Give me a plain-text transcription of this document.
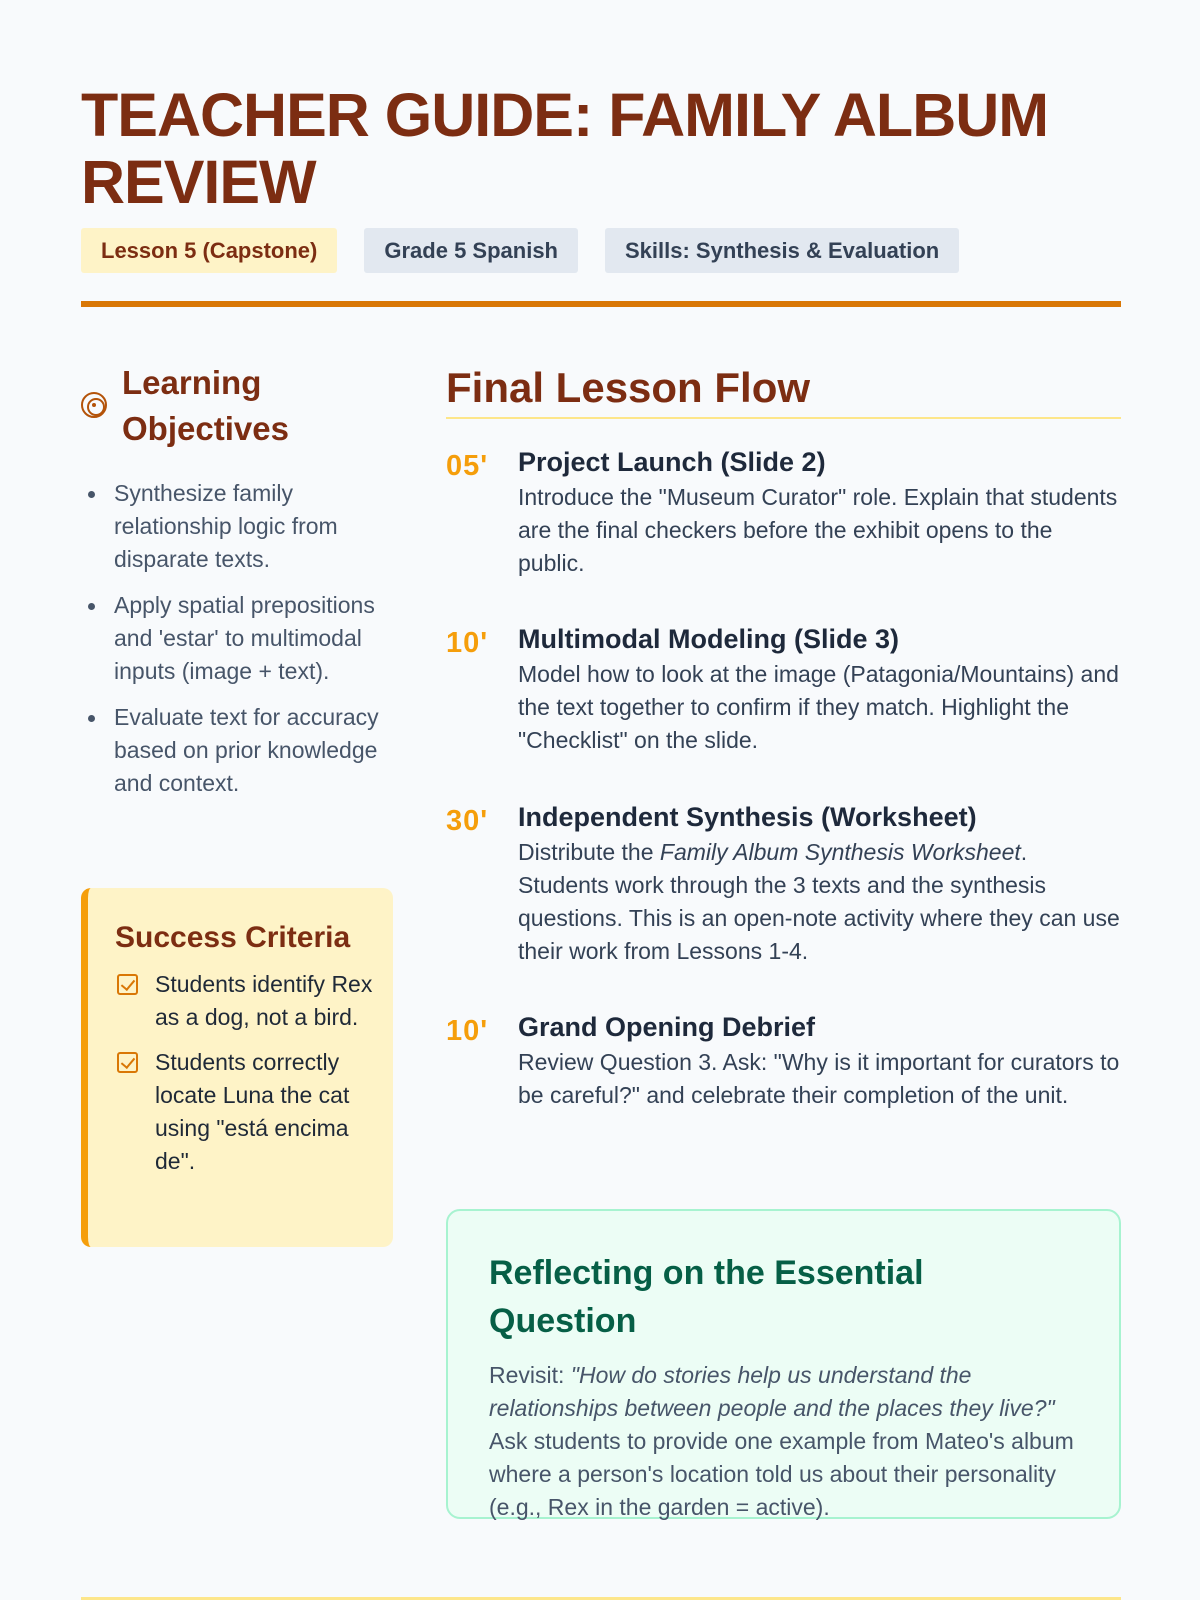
TEACHER GUIDE: FAMILY ALBUM REVIEW
Lesson 5 (Capstone)	Grade 5 Spanish	Skills: Synthesis & Evaluation
Learning Objectives
Synthesize family relationship logic from disparate texts.
Apply spatial prepositions and 'estar' to multimodal inputs (image + text).
Evaluate text for accuracy based on prior knowledge and context.
Success Criteria
Students identify Rex as a dog, not a bird.
Students correctly locate Luna the cat using "está encima de".
Final Lesson Flow
05' Project Launch (Slide 2)
Introduce the "Museum Curator" role. Explain that students are the final checkers before the exhibit opens to the public.
10' Multimodal Modeling (Slide 3)
Model how to look at the image (Patagonia/Mountains) and the text together to confirm if they match. Highlight the "Checklist" on the slide.
30' Independent Synthesis (Worksheet)
Distribute the Family Album Synthesis Worksheet. Students work through the 3 texts and the synthesis questions. This is an open-note activity where they can use their work from Lessons 1-4.
10' Grand Opening Debrief
Review Question 3. Ask: "Why is it important for curators to be careful?" and celebrate their completion of the unit.
Reflecting on the Essential Question

Revisit: "How do stories help us understand the relationships between people and the places they live?" Ask students to provide one example from Mateo's album where a person's location told us about their personality (e.g., Rex in the garden = active).
